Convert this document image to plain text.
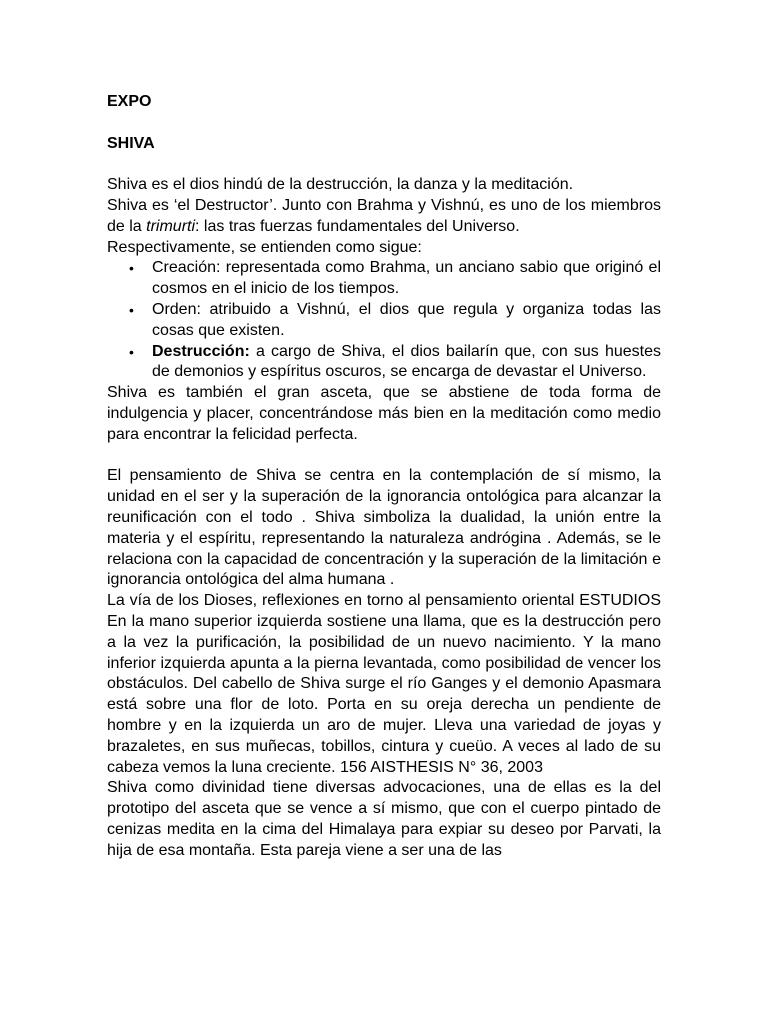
EXPO

SHIVA

Shiva es el dios hindú de la destrucción, la danza y la meditación.

Shiva es ‘el Destructor’. Junto con Brahma y Vishnú, es uno de los miembros de la trimurti: las tras fuerzas fundamentales del Universo.

Respectivamente, se entienden como sigue:

• Creación: representada como Brahma, un anciano sabio que originó el cosmos en el inicio de los tiempos.
• Orden: atribuido a Vishnú, el dios que regula y organiza todas las cosas que existen.
• Destrucción: a cargo de Shiva, el dios bailarín que, con sus huestes de demonios y espíritus oscuros, se encarga de devastar el Universo.

Shiva es también el gran asceta, que se abstiene de toda forma de indulgencia y placer, concentrándose más bien en la meditación como medio para encontrar la felicidad perfecta.

El pensamiento de Shiva se centra en la contemplación de sí mismo, la unidad en el ser y la superación de la ignorancia ontológica para alcanzar la reunificación con el todo . Shiva simboliza la dualidad, la unión entre la materia y el espíritu, representando la naturaleza andrógina . Además, se le relaciona con la capacidad de concentración y la superación de la limitación e ignorancia ontológica del alma humana .

La vía de los Dioses, reflexiones en torno al pensamiento oriental ESTUDIOS En la mano superior izquierda sostiene una llama, que es la destrucción pero a la vez la purificación, la posibilidad de un nuevo nacimiento. Y la mano inferior izquierda apunta a la pierna levantada, como posibilidad de vencer los obstáculos. Del cabello de Shiva surge el río Ganges y el demonio Apasmara está sobre una flor de loto. Porta en su oreja derecha un pendiente de hombre y en la izquierda un aro de mujer. Lleva una variedad de joyas y brazaletes, en sus muñecas, tobillos, cintura y cueüo. A veces al lado de su cabeza vemos la luna creciente. 156 AISTHESIS N° 36, 2003

Shiva como divinidad tiene diversas advocaciones, una de ellas es la del prototipo del asceta que se vence a sí mismo, que con el cuerpo pintado de cenizas medita en la cima del Himalaya para expiar su deseo por Parvati, la hija de esa montaña. Esta pareja viene a ser una de las
